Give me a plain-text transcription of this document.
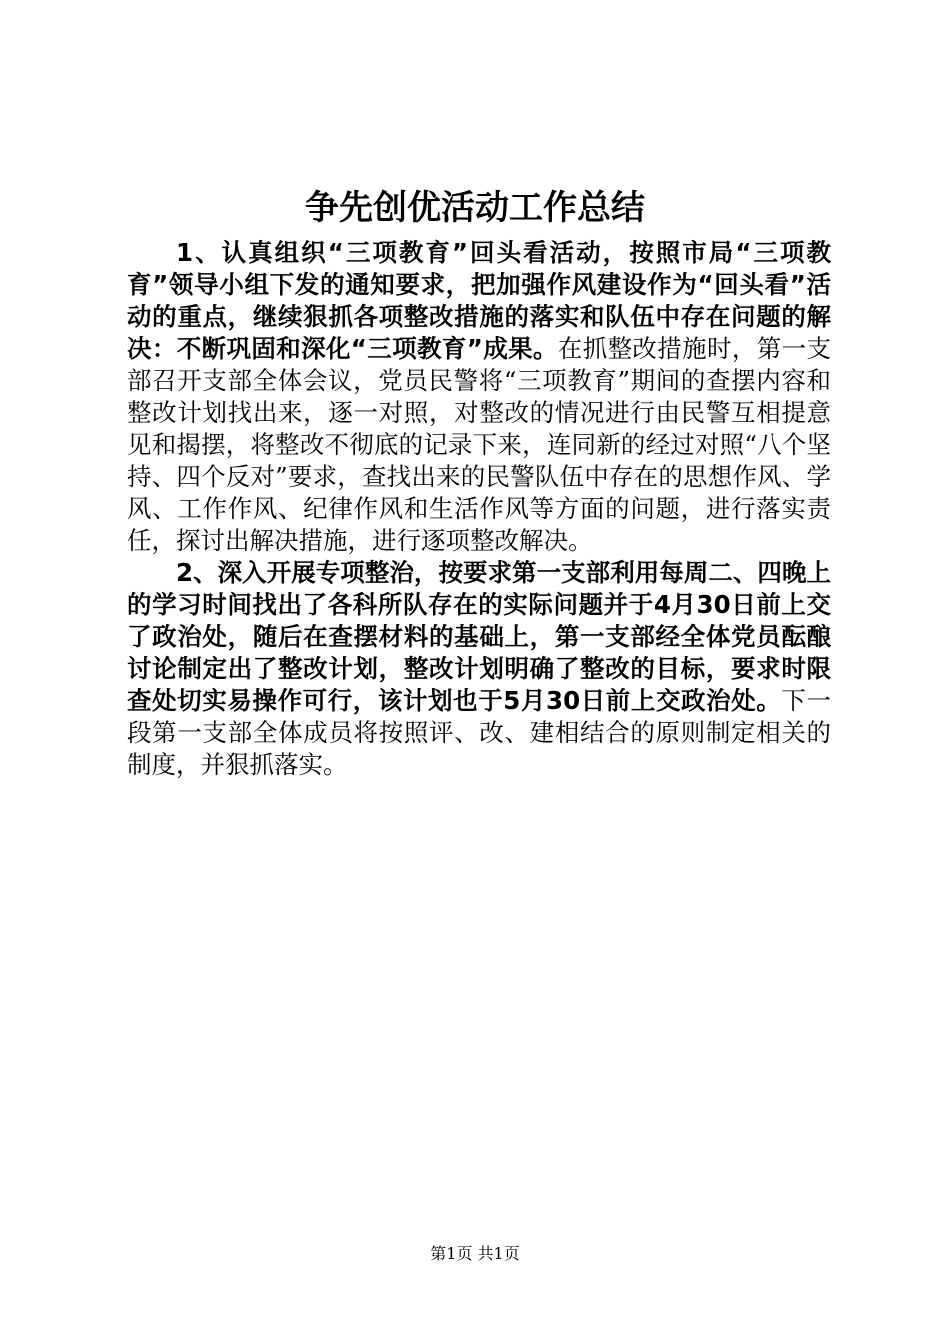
争先创优活动工作总结

1、认真组织“三项教育”回头看活动，按照市局“三项教育”领导小组下发的通知要求，把加强作风建设作为“回头看”活动的重点，继续狠抓各项整改措施的落实和队伍中存在问题的解决：不断巩固和深化“三项教育”成果。在抓整改措施时，第一支部召开支部全体会议，党员民警将“三项教育”期间的查摆内容和整改计划找出来，逐一对照，对整改的情况进行由民警互相提意见和揭摆，将整改不彻底的记录下来，连同新的经过对照“八个坚持、四个反对”要求，查找出来的民警队伍中存在的思想作风、学风、工作作风、纪律作风和生活作风等方面的问题，进行落实责任，探讨出解决措施，进行逐项整改解决。

2、深入开展专项整治，按要求第一支部利用每周二、四晚上的学习时间找出了各科所队存在的实际问题并于4月30日前上交了政治处，随后在查摆材料的基础上，第一支部经全体党员酝酿讨论制定出了整改计划，整改计划明确了整改的目标，要求时限查处切实易操作可行，该计划也于5月30日前上交政治处。下一段第一支部全体成员将按照评、改、建相结合的原则制定相关的制度，并狠抓落实。

第1页 共1页
